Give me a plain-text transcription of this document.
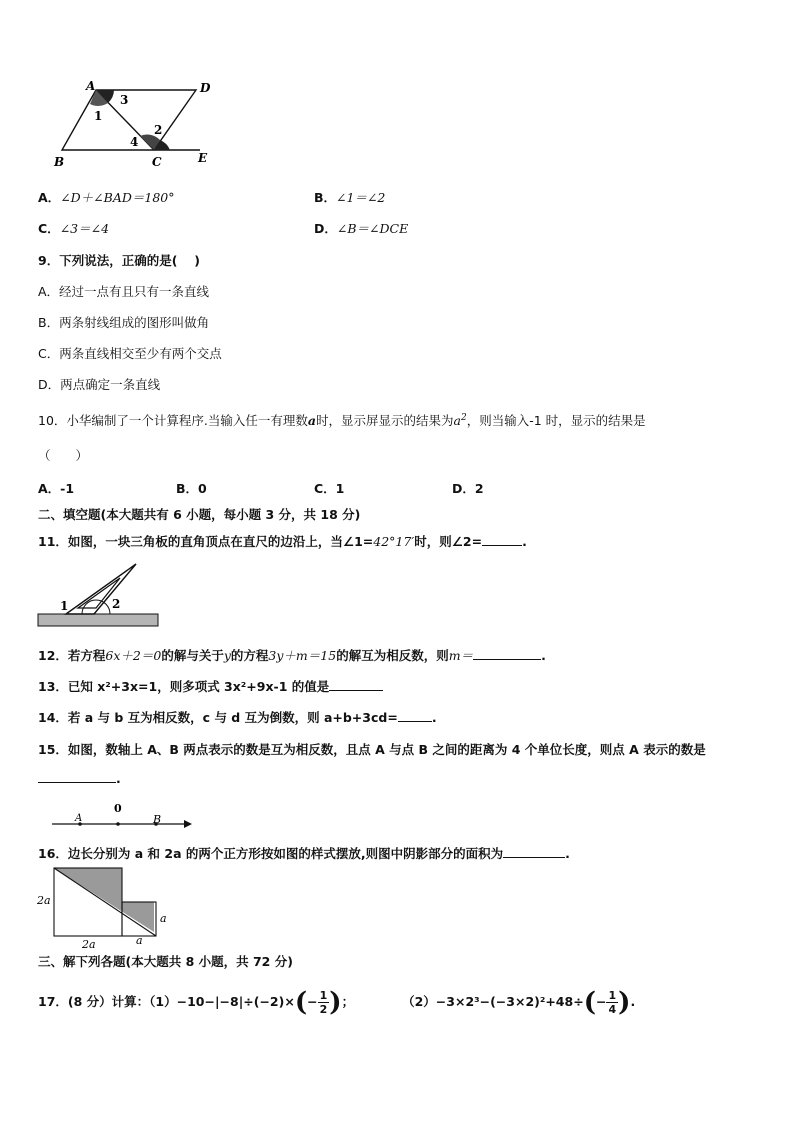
A	D
B	C	E
1
2
3
4
A．∠D＋∠BAD＝180°	B．∠1＝∠2
C．∠3＝∠4	D．∠B＝∠DCE
9．下列说法，正确的是(　 )
A．经过一点有且只有一条直线
B．两条射线组成的图形叫做角
C．两条直线相交至少有两个交点
D．两点确定一条直线
10．小华编制了一个计算程序.当输入任一有理数a时，显示屏显示的结果为$a^2$，则当输入-1 时，显示的结果是
（　　）
A．-1	B．0	C．1	D．2
二、填空题(本大题共有 6 小题，每小题 3 分，共 18 分)
11．如图，一块三角板的直角顶点在直尺的边沿上，当∠1=42°17′时，则∠2=	.
1	2
12．若方程6x＋2＝0的解与关于y的方程3y＋m＝15的解互为相反数，则m＝	.
13．已知 x²+3x=1，则多项式 3x²+9x-1 的值是
14．若 a 与 b 互为相反数，c 与 d 互为倒数，则 a+b+3cd=	.
15．如图，数轴上 A、B 两点表示的数是互为相反数，且点 A 与点 B 之间的距离为 4 个单位长度，则点 A 表示的数是
.
0
A	B
16．边长分别为 a 和 2a 的两个正方形按如图的样式摆放,则图中阴影部分的面积为	.
2a
2a	a
a
三、解下列各题(本大题共 8 小题，共 72 分)
17．(8 分）计算：$(1)-10-|-8|\div(-2)\times(- \frac{1}{2}$ )；	$(2)-3\times 2^3-(-3\times 2)^2+48\div(- \frac{1}{4}$ ).
